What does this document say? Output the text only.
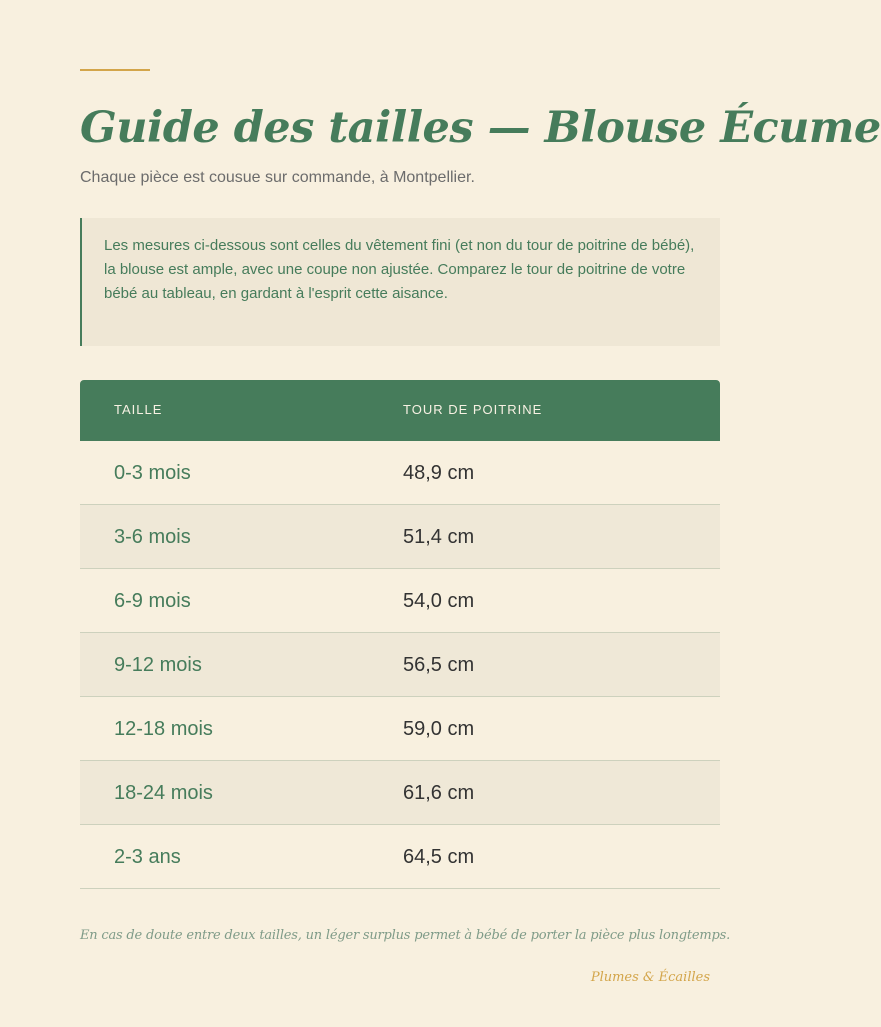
Guide des tailles — Blouse Écume

Chaque pièce est cousue sur commande, à Montpellier.

Les mesures ci-dessous sont celles du vêtement fini (et non du tour de poitrine de bébé), la blouse est ample, avec une coupe non ajustée. Comparez le tour de poitrine de votre bébé au tableau, en gardant à l'esprit cette aisance.
TAILLE	TOUR DE POITRINE
0-3 mois	48,9 cm
3-6 mois	51,4 cm
6-9 mois	54,0 cm
9-12 mois	56,5 cm
12-18 mois	59,0 cm
18-24 mois	61,6 cm
2-3 ans	64,5 cm

En cas de doute entre deux tailles, un léger surplus permet à bébé de porter la pièce plus longtemps.

Plumes & Écailles
